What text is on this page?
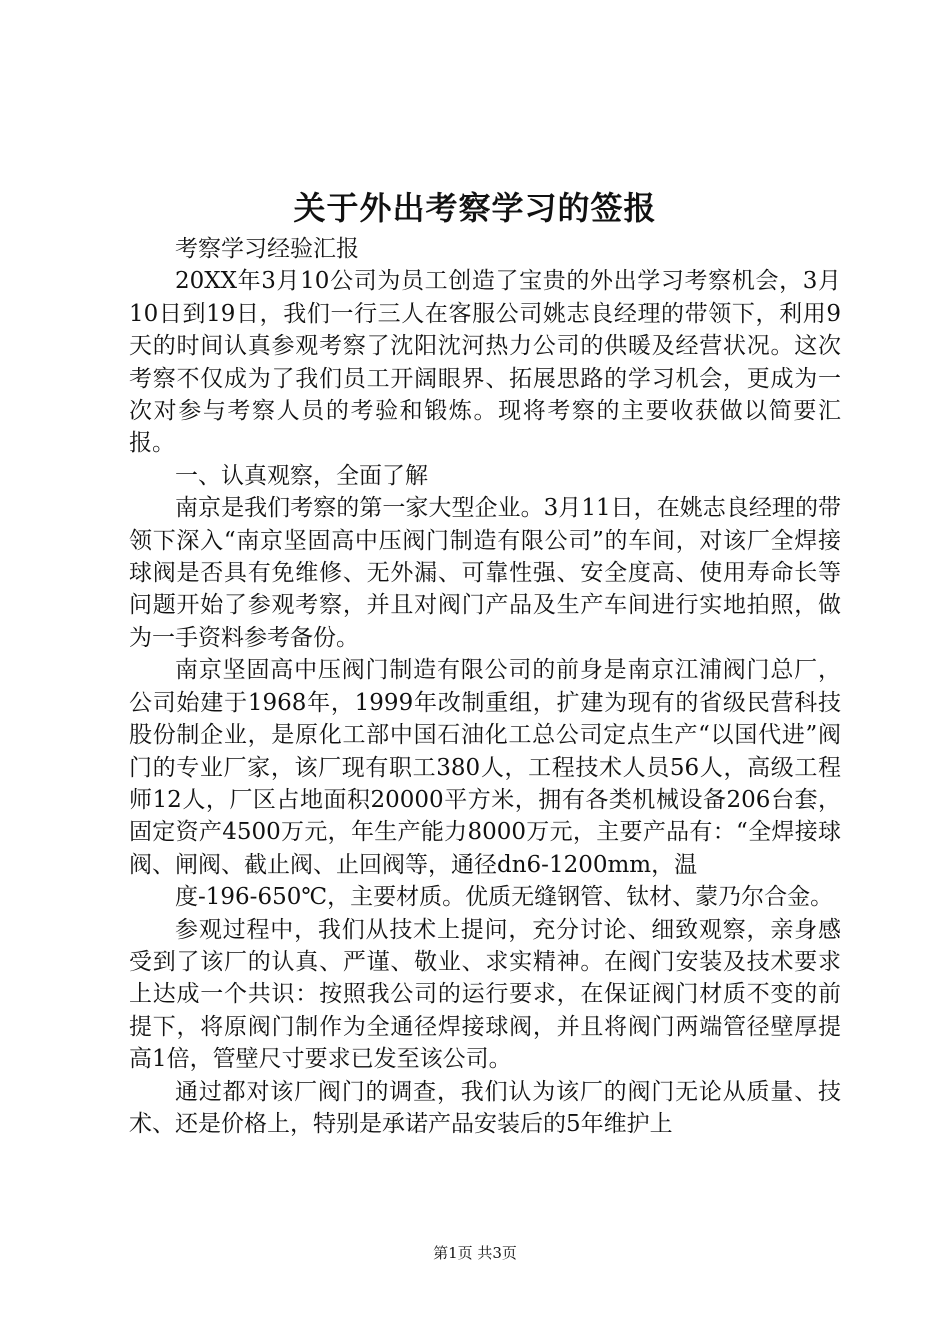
关于外出考察学习的签报

考察学习经验汇报

20XX年3月10公司为员工创造了宝贵的外出学习考察机会，3月10日到19日，我们一行三人在客服公司姚志良经理的带领下，利用9天的时间认真参观考察了沈阳沈河热力公司的供暖及经营状况。这次考察不仅成为了我们员工开阔眼界、拓展思路的学习机会，更成为一次对参与考察人员的考验和锻炼。现将考察的主要收获做以简要汇报。

一、认真观察，全面了解

南京是我们考察的第一家大型企业。3月11日，在姚志良经理的带领下深入“南京坚固高中压阀门制造有限公司”的车间，对该厂全焊接球阀是否具有免维修、无外漏、可靠性强、安全度高、使用寿命长等问题开始了参观考察，并且对阀门产品及生产车间进行实地拍照，做为一手资料参考备份。

南京坚固高中压阀门制造有限公司的前身是南京江浦阀门总厂，公司始建于1968年，1999年改制重组，扩建为现有的省级民营科技股份制企业，是原化工部中国石油化工总公司定点生产“以国代进”阀门的专业厂家，该厂现有职工380人，工程技术人员56人，高级工程师12人，厂区占地面积20000平方米，拥有各类机械设备206台套，固定资产4500万元，年生产能力8000万元，主要产品有：“全焊接球阀、闸阀、截止阀、止回阀等，通径dn6-1200mm，温

度-196-650℃，主要材质。优质无缝钢管、钛材、蒙乃尔合金。

参观过程中，我们从技术上提问，充分讨论、细致观察，亲身感受到了该厂的认真、严谨、敬业、求实精神。在阀门安装及技术要求上达成一个共识：按照我公司的运行要求，在保证阀门材质不变的前提下，将原阀门制作为全通径焊接球阀，并且将阀门两端管径壁厚提高1倍，管壁尺寸要求已发至该公司。

通过都对该厂阀门的调查，我们认为该厂的阀门无论从质量、技术、还是价格上，特别是承诺产品安装后的5年维护上

第1页 共3页
